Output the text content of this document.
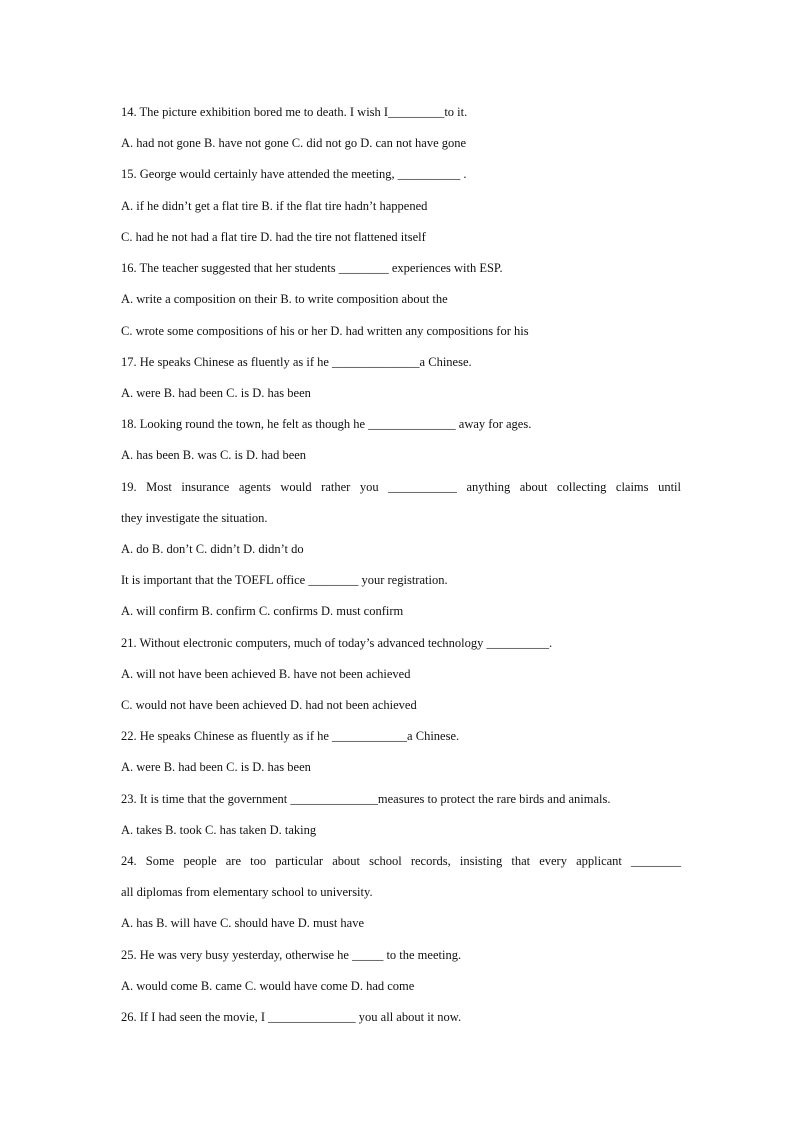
14. The picture exhibition bored me to death. I wish I_________to it.
A. had not gone B. have not gone C. did not go D. can not have gone
15. George would certainly have attended the meeting, __________ .
A. if he didn’t get a flat tire B. if the flat tire hadn’t happened
C. had he not had a flat tire D. had the tire not flattened itself
16. The teacher suggested that her students ________ experiences with ESP.
A. write a composition on their B. to write composition about the
C. wrote some compositions of his or her D. had written any compositions for his
17. He speaks Chinese as fluently as if he ______________a Chinese.
A. were B. had been C. is D. has been
18. Looking round the town, he felt as though he ______________ away for ages.
A. has been B. was C. is D. had been
19. Most insurance agents would rather you ___________ anything about collecting claims until
they investigate the situation.
A. do B. don’t C. didn’t D. didn’t do
It is important that the TOEFL office ________ your registration.
A. will confirm B. confirm C. confirms D. must confirm
21. Without electronic computers, much of today’s advanced technology __________.
A. will not have been achieved B. have not been achieved
C. would not have been achieved D. had not been achieved
22. He speaks Chinese as fluently as if he ____________a Chinese.
A. were B. had been C. is D. has been
23. It is time that the government ______________measures to protect the rare birds and animals.
A. takes B. took C. has taken D. taking
24. Some people are too particular about school records, insisting that every applicant ________
all diplomas from elementary school to university.
A. has B. will have C. should have D. must have
25. He was very busy yesterday, otherwise he _____ to the meeting.
A. would come B. came C. would have come D. had come
26. If I had seen the movie, I ______________ you all about it now.
